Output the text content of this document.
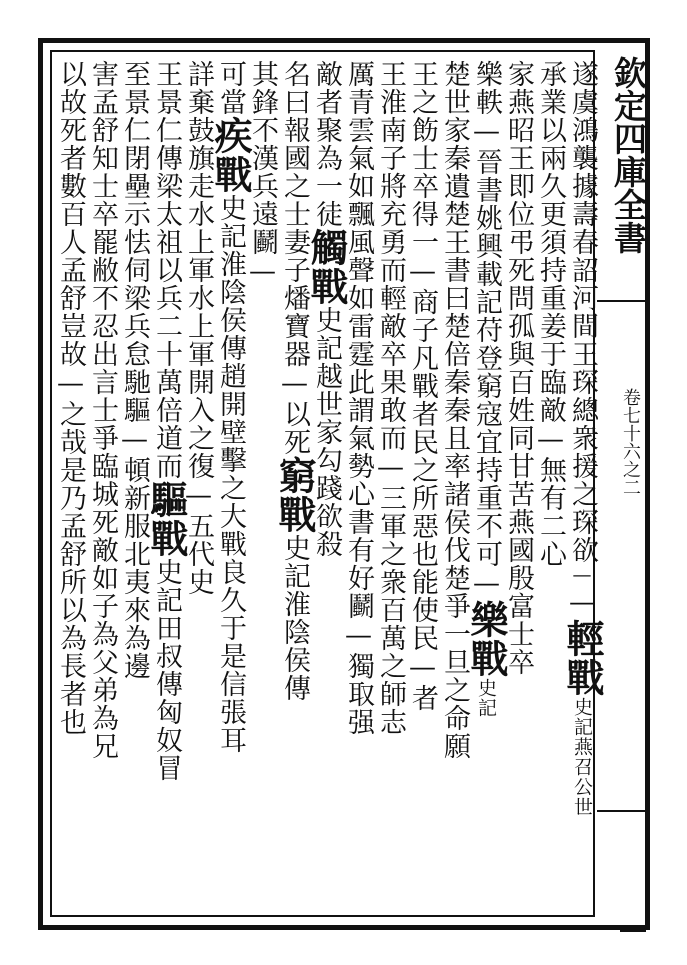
欽定四庫全書
卷七十六之二
遂虞鴻襲據壽春詔河間王琛總衆援之琛欲——輕戰史記燕召公世
承業以兩久更須持重姜于臨敵—無有二心
家燕昭王即位弔死問孤與百姓同甘苦燕國殷富士卒
樂軼—晉書姚興載記苻登窮寇宜持重不可—樂戰史記
楚世家秦遺楚王書曰楚倍秦秦且率諸侯伐楚爭一旦之命願
王之飭士卒得一—商子凡戰者民之所惡也能使民—者
王淮南子將充勇而輕敵卒果敢而—三軍之衆百萬之師志
厲青雲氣如飄風聲如雷霆此謂氣勢心書有好鬬—獨取强
敵者聚為一徒觸戰史記越世家勾踐欲殺
名曰報國之士妻子燔寶器—以死窮戰史記淮陰侯傳
其鋒不漢兵遠鬬—
可當疾戰史記淮陰侯傳趙開壁擊之大戰良久于是信張耳
詳棄鼓旗走水上軍水上軍開入之復—五代史
王景仁傳梁太祖以兵二十萬倍道而驅戰史記田叔傳匈奴冒
至景仁閉壘示怯伺梁兵怠馳驅—頓新服北夷來為邊
害孟舒知士卒罷敝不忍出言士爭臨城死敵如子為父弟為兄
以故死者數百人孟舒豈故—之哉是乃孟舒所以為長者也
